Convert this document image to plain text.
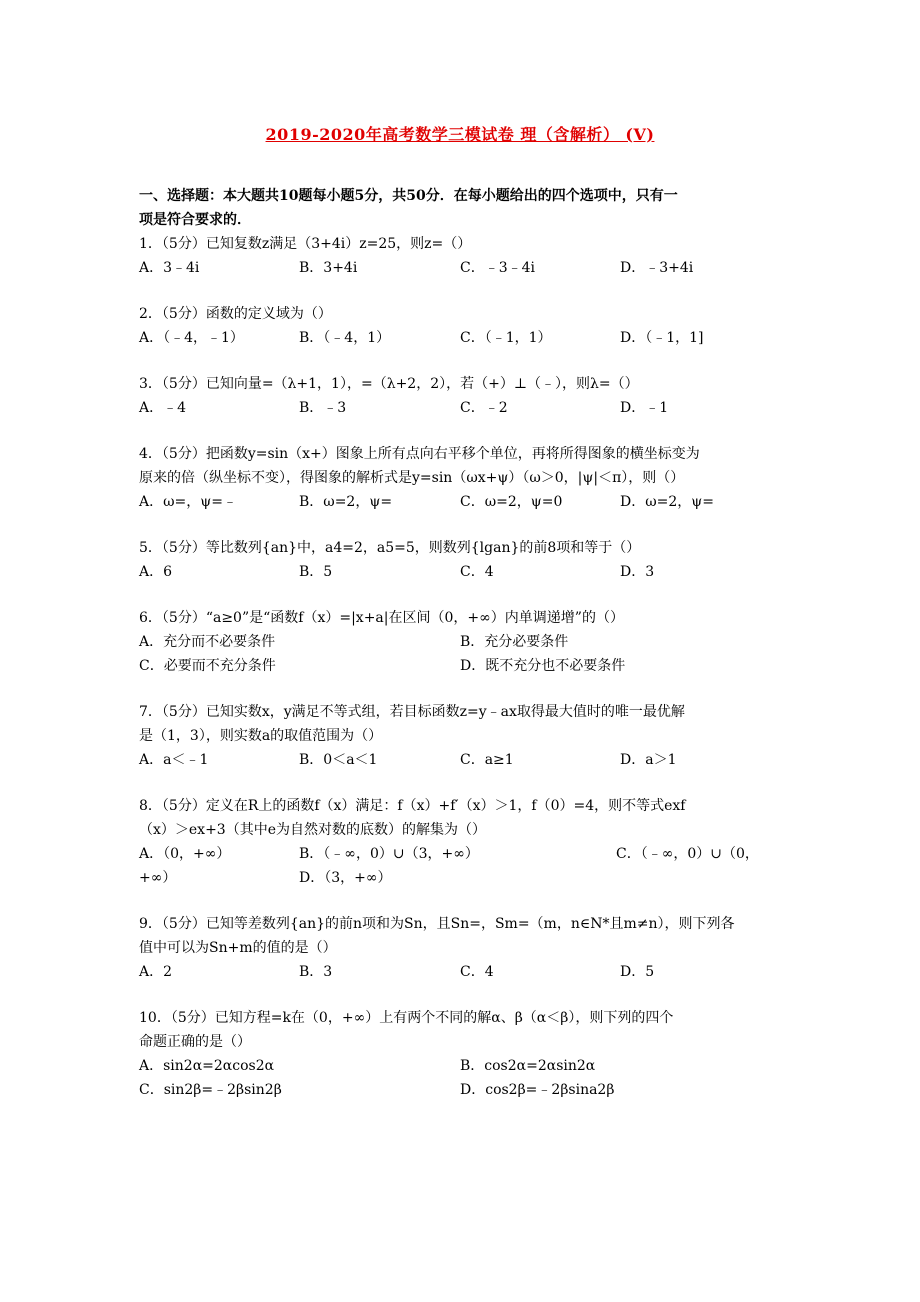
2019-2020年高考数学三模试卷 理（含解析） (V)
一、选择题：本大题共10题每小题5分，共50分．在每小题给出的四个选项中，只有一
项是符合要求的．
1．（5分）已知复数z满足（3+4i）z=25，则z=（）
A．3﹣4i	B．3+4i	C．﹣3﹣4i	D．﹣3+4i
2．（5分）函数的定义域为（）
A．（﹣4，﹣1）	B．（﹣4，1）	C．（﹣1，1）	D．（﹣1，1]
3．（5分）已知向量=（λ+1，1），=（λ+2，2），若（+）⊥（﹣），则λ=（）
A．﹣4	B．﹣3	C．﹣2	D．﹣1
4．（5分）把函数y=sin（x+）图象上所有点向右平移个单位，再将所得图象的横坐标变为
原来的倍（纵坐标不变），得图象的解析式是y=sin（ωx+ψ）（ω＞0，|ψ|＜π），则（）
A．ω=，ψ=﹣	B．ω=2，ψ=	C．ω=2，ψ=0	D．ω=2，ψ=
5．（5分）等比数列{an}中，a4=2，a5=5，则数列{lgan}的前8项和等于（）
A．6	B．5	C．4	D．3
6．（5分）“a≥0”是“函数f（x）=|x+a|在区间（0，+∞）内单调递增”的（）
A．充分而不必要条件	B．充分必要条件
C．必要而不充分条件	D．既不充分也不必要条件
7．（5分）已知实数x，y满足不等式组，若目标函数z=y﹣ax取得最大值时的唯一最优解
是（1，3），则实数a的取值范围为（）
A．a＜﹣1	B．0＜a＜1	C．a≥1	D．a＞1
8．（5分）定义在R上的函数f（x）满足：f（x）+f′（x）＞1，f（0）=4，则不等式exf
（x）＞ex+3（其中e为自然对数的底数）的解集为（）
A．（0，+∞）	B．（﹣∞，0）∪（3，+∞）	C．（﹣∞，0）∪（0，
+∞）	D．（3，+∞）
9．（5分）已知等差数列{an}的前n项和为Sn，且Sn=，Sm=（m，n∈N*且m≠n），则下列各
值中可以为Sn+m的值的是（）
A．2	B．3	C．4	D．5
10．（5分）已知方程=k在（0，+∞）上有两个不同的解α、β（α＜β），则下列的四个
命题正确的是（）
A．sin2α=2αcos2α	B．cos2α=2αsin2α
C．sin2β=﹣2βsin2β	D．cos2β=﹣2βsina2β
